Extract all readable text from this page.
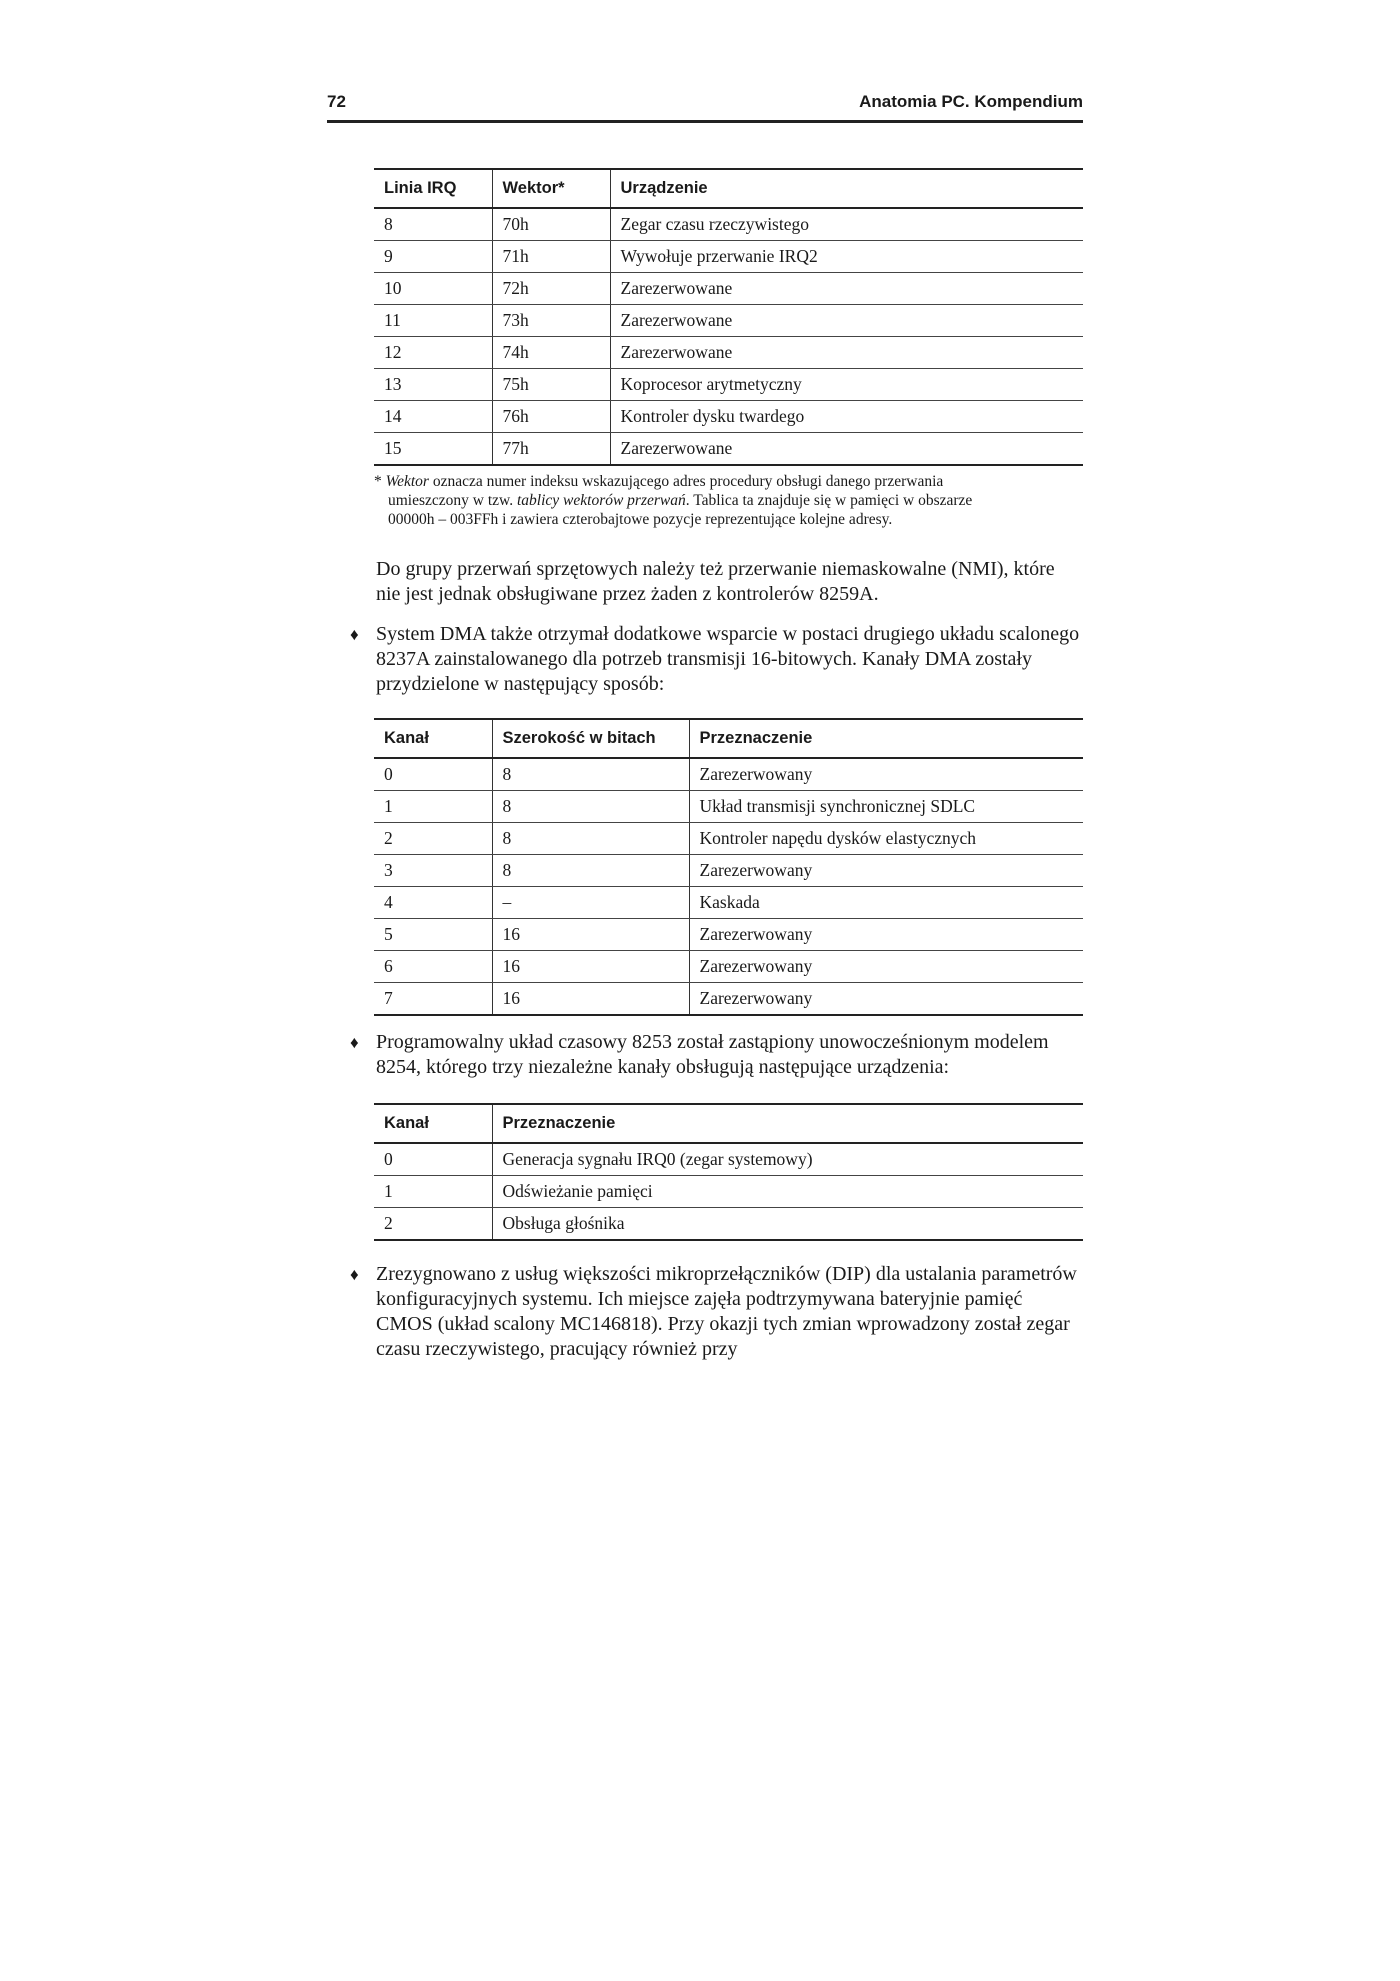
72	Anatomia PC. Kompendium
Linia IRQ	Wektor*	Urządzenie
8	70h	Zegar czasu rzeczywistego
9	71h	Wywołuje przerwanie IRQ2
10	72h	Zarezerwowane
11	73h	Zarezerwowane
12	74h	Zarezerwowane
13	75h	Koprocesor arytmetyczny
14	76h	Kontroler dysku twardego
15	77h	Zarezerwowane
* Wektor oznacza numer indeksu wskazującego adres procedury obsługi danego przerwania
umieszczony w tzw. tablicy wektorów przerwań. Tablica ta znajduje się w pamięci w obszarze
00000h – 003FFh i zawiera czterobajtowe pozycje reprezentujące kolejne adresy.
Do grupy przerwań sprzętowych należy też przerwanie niemaskowalne (NMI), które nie jest jednak obsługiwane przez żaden z kontrolerów 8259A.
♦ System DMA także otrzymał dodatkowe wsparcie w postaci drugiego układu scalonego 8237A zainstalowanego dla potrzeb transmisji 16-bitowych. Kanały DMA zostały przydzielone w następujący sposób:
Kanał	Szerokość w bitach	Przeznaczenie
0	8	Zarezerwowany
1	8	Układ transmisji synchronicznej SDLC
2	8	Kontroler napędu dysków elastycznych
3	8	Zarezerwowany
4	–	Kaskada
5	16	Zarezerwowany
6	16	Zarezerwowany
7	16	Zarezerwowany
♦ Programowalny układ czasowy 8253 został zastąpiony unowocześnionym modelem 8254, którego trzy niezależne kanały obsługują następujące urządzenia:
Kanał	Przeznaczenie
0	Generacja sygnału IRQ0 (zegar systemowy)
1	Odświeżanie pamięci
2	Obsługa głośnika
♦ Zrezygnowano z usług większości mikroprzełączników (DIP) dla ustalania parametrów konfiguracyjnych systemu. Ich miejsce zajęła podtrzymywana bateryjnie pamięć CMOS (układ scalony MC146818). Przy okazji tych zmian wprowadzony został zegar czasu rzeczywistego, pracujący również przy
